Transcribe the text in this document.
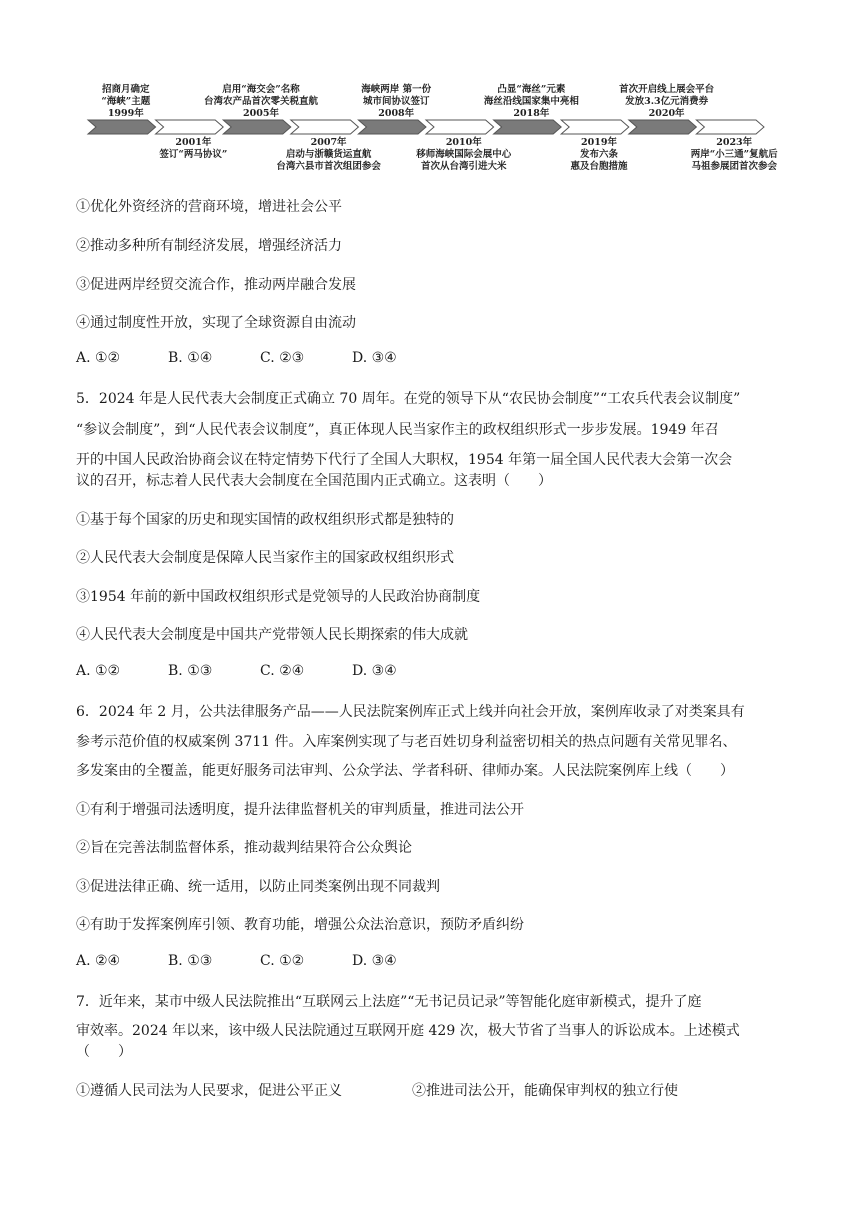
招商月确定
“海峡”主题
1999年
启用“海交会”名称
台湾农产品首次零关税直航
2005年
海峡两岸 第一份
城市间协议签订
2008年
凸显“海丝”元素
海丝沿线国家集中亮相
2018年
首次开启线上展会平台
发放3.3亿元消费券
2020年
2001年
签订“两马协议”
2007年
启动与浙赣货运直航
台湾六县市首次组团参会
2010年
移师海峡国际会展中心
首次从台湾引进大米
2019年
发布六条
惠及台胞措施
2023年
两岸“小三通”复航后
马祖参展团首次参会
①优化外资经济的营商环境，增进社会公平
②推动多种所有制经济发展，增强经济活力
③促进两岸经贸交流合作，推动两岸融合发展
④通过制度性开放，实现了全球资源自由流动
A. ①②	B. ①④	C. ②③	D. ③④
5．2024 年是人民代表大会制度正式确立 70 周年。在党的领导下从“农民协会制度”“工农兵代表会议制度”
“参议会制度”，到“人民代表会议制度”，真正体现人民当家作主的政权组织形式一步步发展。1949 年召
开的中国人民政治协商会议在特定情势下代行了全国人大职权，1954 年第一届全国人民代表大会第一次会
议的召开，标志着人民代表大会制度在全国范围内正式确立。这表明（　　）
①基于每个国家的历史和现实国情的政权组织形式都是独特的
②人民代表大会制度是保障人民当家作主的国家政权组织形式
③1954 年前的新中国政权组织形式是党领导的人民政治协商制度
④人民代表大会制度是中国共产党带领人民长期探索的伟大成就
A. ①②	B. ①③	C. ②④	D. ③④
6．2024 年 2 月，公共法律服务产品——人民法院案例库正式上线并向社会开放，案例库收录了对类案具有
参考示范价值的权威案例 3711 件。入库案例实现了与老百姓切身利益密切相关的热点问题有关常见罪名、
多发案由的全覆盖，能更好服务司法审判、公众学法、学者科研、律师办案。人民法院案例库上线（　　）
①有利于增强司法透明度，提升法律监督机关的审判质量，推进司法公开
②旨在完善法制监督体系，推动裁判结果符合公众舆论
③促进法律正确、统一适用，以防止同类案例出现不同裁判
④有助于发挥案例库引领、教育功能，增强公众法治意识，预防矛盾纠纷
A. ②④	B. ①③	C. ①②	D. ③④
7．近年来，某市中级人民法院推出“互联网云上法庭”“无书记员记录”等智能化庭审新模式，提升了庭
审效率。2024 年以来，该中级人民法院通过互联网开庭 429 次，极大节省了当事人的诉讼成本。上述模式
（　　）
①遵循人民司法为人民要求，促进公平正义	②推进司法公开，能确保审判权的独立行使
